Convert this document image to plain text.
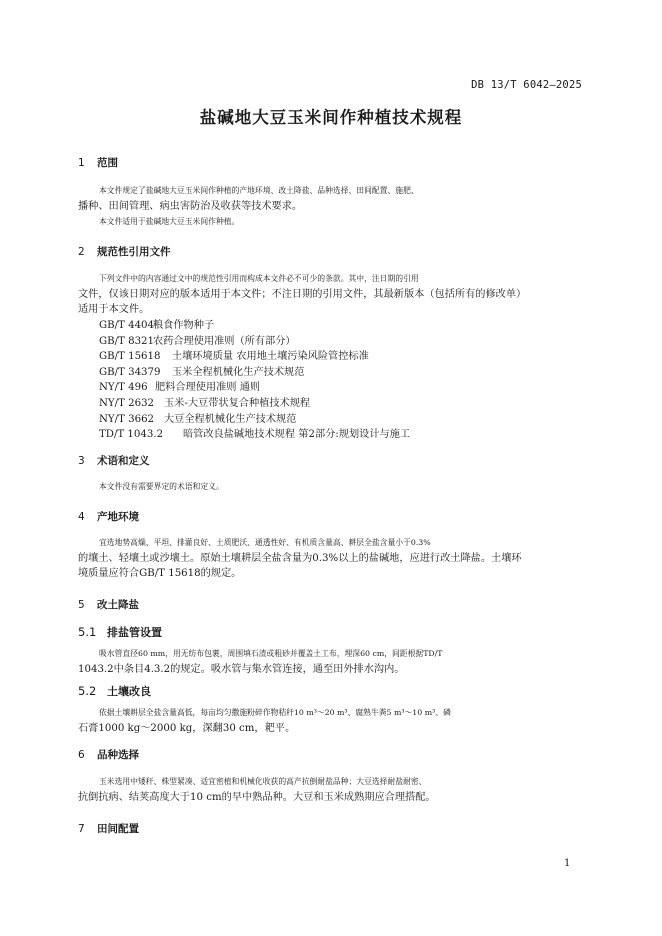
DB 13/T 6042—2025
盐碱地大豆玉米间作种植技术规程
1 范围
本文件规定了盐碱地大豆玉米间作种植的产地环境、改土降盐、品种选择、田间配置、施肥、
播种、田间管理、病虫害防治及收获等技术要求。
本文件适用于盐碱地大豆玉米间作种植。
2 规范性引用文件
下列文件中的内容通过文中的规范性引用而构成本文件必不可少的条款。其中，注日期的引用
文件，仅该日期对应的版本适用于本文件；不注日期的引用文件，其最新版本（包括所有的修改单）
适用于本文件。
GB/T 4404粮食作物种子
GB/T 8321农药合理使用准则（所有部分）
GB/T 15618 土壤环境质量 农用地土壤污染风险管控标准
GB/T 34379 玉米全程机械化生产技术规范
NY/T 496 肥料合理使用准则 通则
NY/T 2632 玉米-大豆带状复合种植技术规程
NY/T 3662 大豆全程机械化生产技术规范
TD/T 1043.2 暗管改良盐碱地技术规程 第2部分:规划设计与施工
3 术语和定义
本文件没有需要界定的术语和定义。
4 产地环境
宜选地势高燥、平坦、排灌良好、土质肥沃、通透性好、有机质含量高、耕层全盐含量小于0.3%
的壤土、轻壤土或沙壤土。原始土壤耕层全盐含量为0.3%以上的盐碱地，应进行改土降盐。土壤环
境质量应符合GB/T 15618的规定。
5 改土降盐
5.1 排盐管设置
吸水管直径60 mm，用无纺布包裹，周围填石渣或粗砂并覆盖土工布，埋深60 cm，间距根据TD/T
1043.2中条目4.3.2的规定。吸水管与集水管连接，通至田外排水沟内。
5.2 土壤改良
依据土壤耕层全盐含量高低，每亩均匀撒施粉碎作物秸秆10 m³～20 m³、腐熟牛粪5 m³～10 m³、磷
石膏1000 kg～2000 kg，深翻30 cm，耙平。
6 品种选择
玉米选用中矮秆、株型紧凑、适宜密植和机械化收获的高产抗倒耐盐品种；大豆选择耐盐耐密、
抗倒抗病、结荚高度大于10 cm的早中熟品种。大豆和玉米成熟期应合理搭配。
7 田间配置
1
